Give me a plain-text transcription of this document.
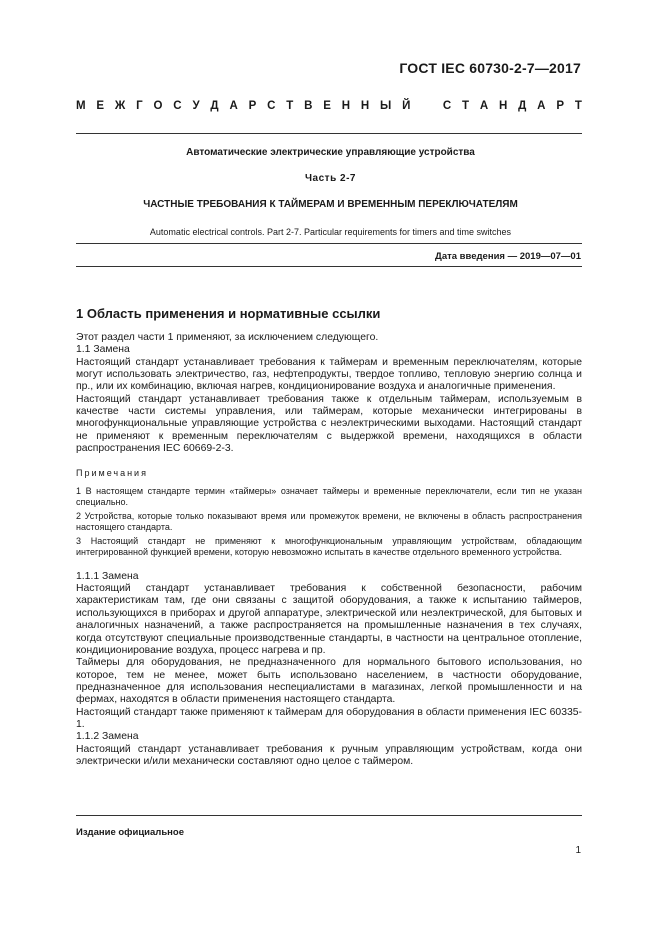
ГОСТ IEC 60730-2-7—2017
М Е Ж Г О С У Д А Р С Т В Е Н Н Ы Й	С Т А Н Д А Р Т
Автоматические электрические управляющие устройства
Часть 2-7
ЧАСТНЫЕ ТРЕБОВАНИЯ К ТАЙМЕРАМ И ВРЕМЕННЫМ ПЕРЕКЛЮЧАТЕЛЯМ
Automatic electrical controls. Part 2-7. Particular requirements for timers and time switches
Дата введения — 2019—07—01
1 Область применения и нормативные ссылки

Этот раздел части 1 применяют, за исключением следующего.

1.1 Замена

Настоящий стандарт устанавливает требования к таймерам и временным переключателям, которые могут использовать электричество, газ, нефтепродукты, твердое топливо, тепловую энергию солнца и пр., или их комбинацию, включая нагрев, кондиционирование воздуха и аналогичные применения.

Настоящий стандарт устанавливает требования также к отдельным таймерам, используемым в качестве части системы управления, или таймерам, которые механически интегрированы в многофункциональные управляющие устройства с неэлектрическими выходами. Настоящий стандарт не применяют к временным переключателям с выдержкой времени, находящихся в области распространения IEC 60669-2-3.

Примечания

1 В настоящем стандарте термин «таймеры» означает таймеры и временные переключатели, если тип не указан специально.

2 Устройства, которые только показывают время или промежуток времени, не включены в область распространения настоящего стандарта.

3 Настоящий стандарт не применяют к многофункциональным управляющим устройствам, обладающим интегрированной функцией времени, которую невозможно испытать в качестве отдельного временного устройства.

1.1.1 Замена

Настоящий стандарт устанавливает требования к собственной безопасности, рабочим характеристикам там, где они связаны с защитой оборудования, а также к испытанию таймеров, использующихся в приборах и другой аппаратуре, электрической или неэлектрической, для бытовых и аналогичных назначений, а также распространяется на промышленные назначения в тех случаях, когда отсутствуют специальные производственные стандарты, в частности на центральное отопление, кондиционирование воздуха, процесс нагрева и пр.

Таймеры для оборудования, не предназначенного для нормального бытового использования, но которое, тем не менее, может быть использовано населением, в частности оборудование, предназначенное для использования неспециалистами в магазинах, легкой промышленности и на фермах, находятся в области применения настоящего стандарта.

Настоящий стандарт также применяют к таймерам для оборудования в области применения IEC 60335-1.

1.1.2 Замена

Настоящий стандарт устанавливает требования к ручным управляющим устройствам, когда они электрически и/или механически составляют одно целое с таймером.

Издание официальное
1
